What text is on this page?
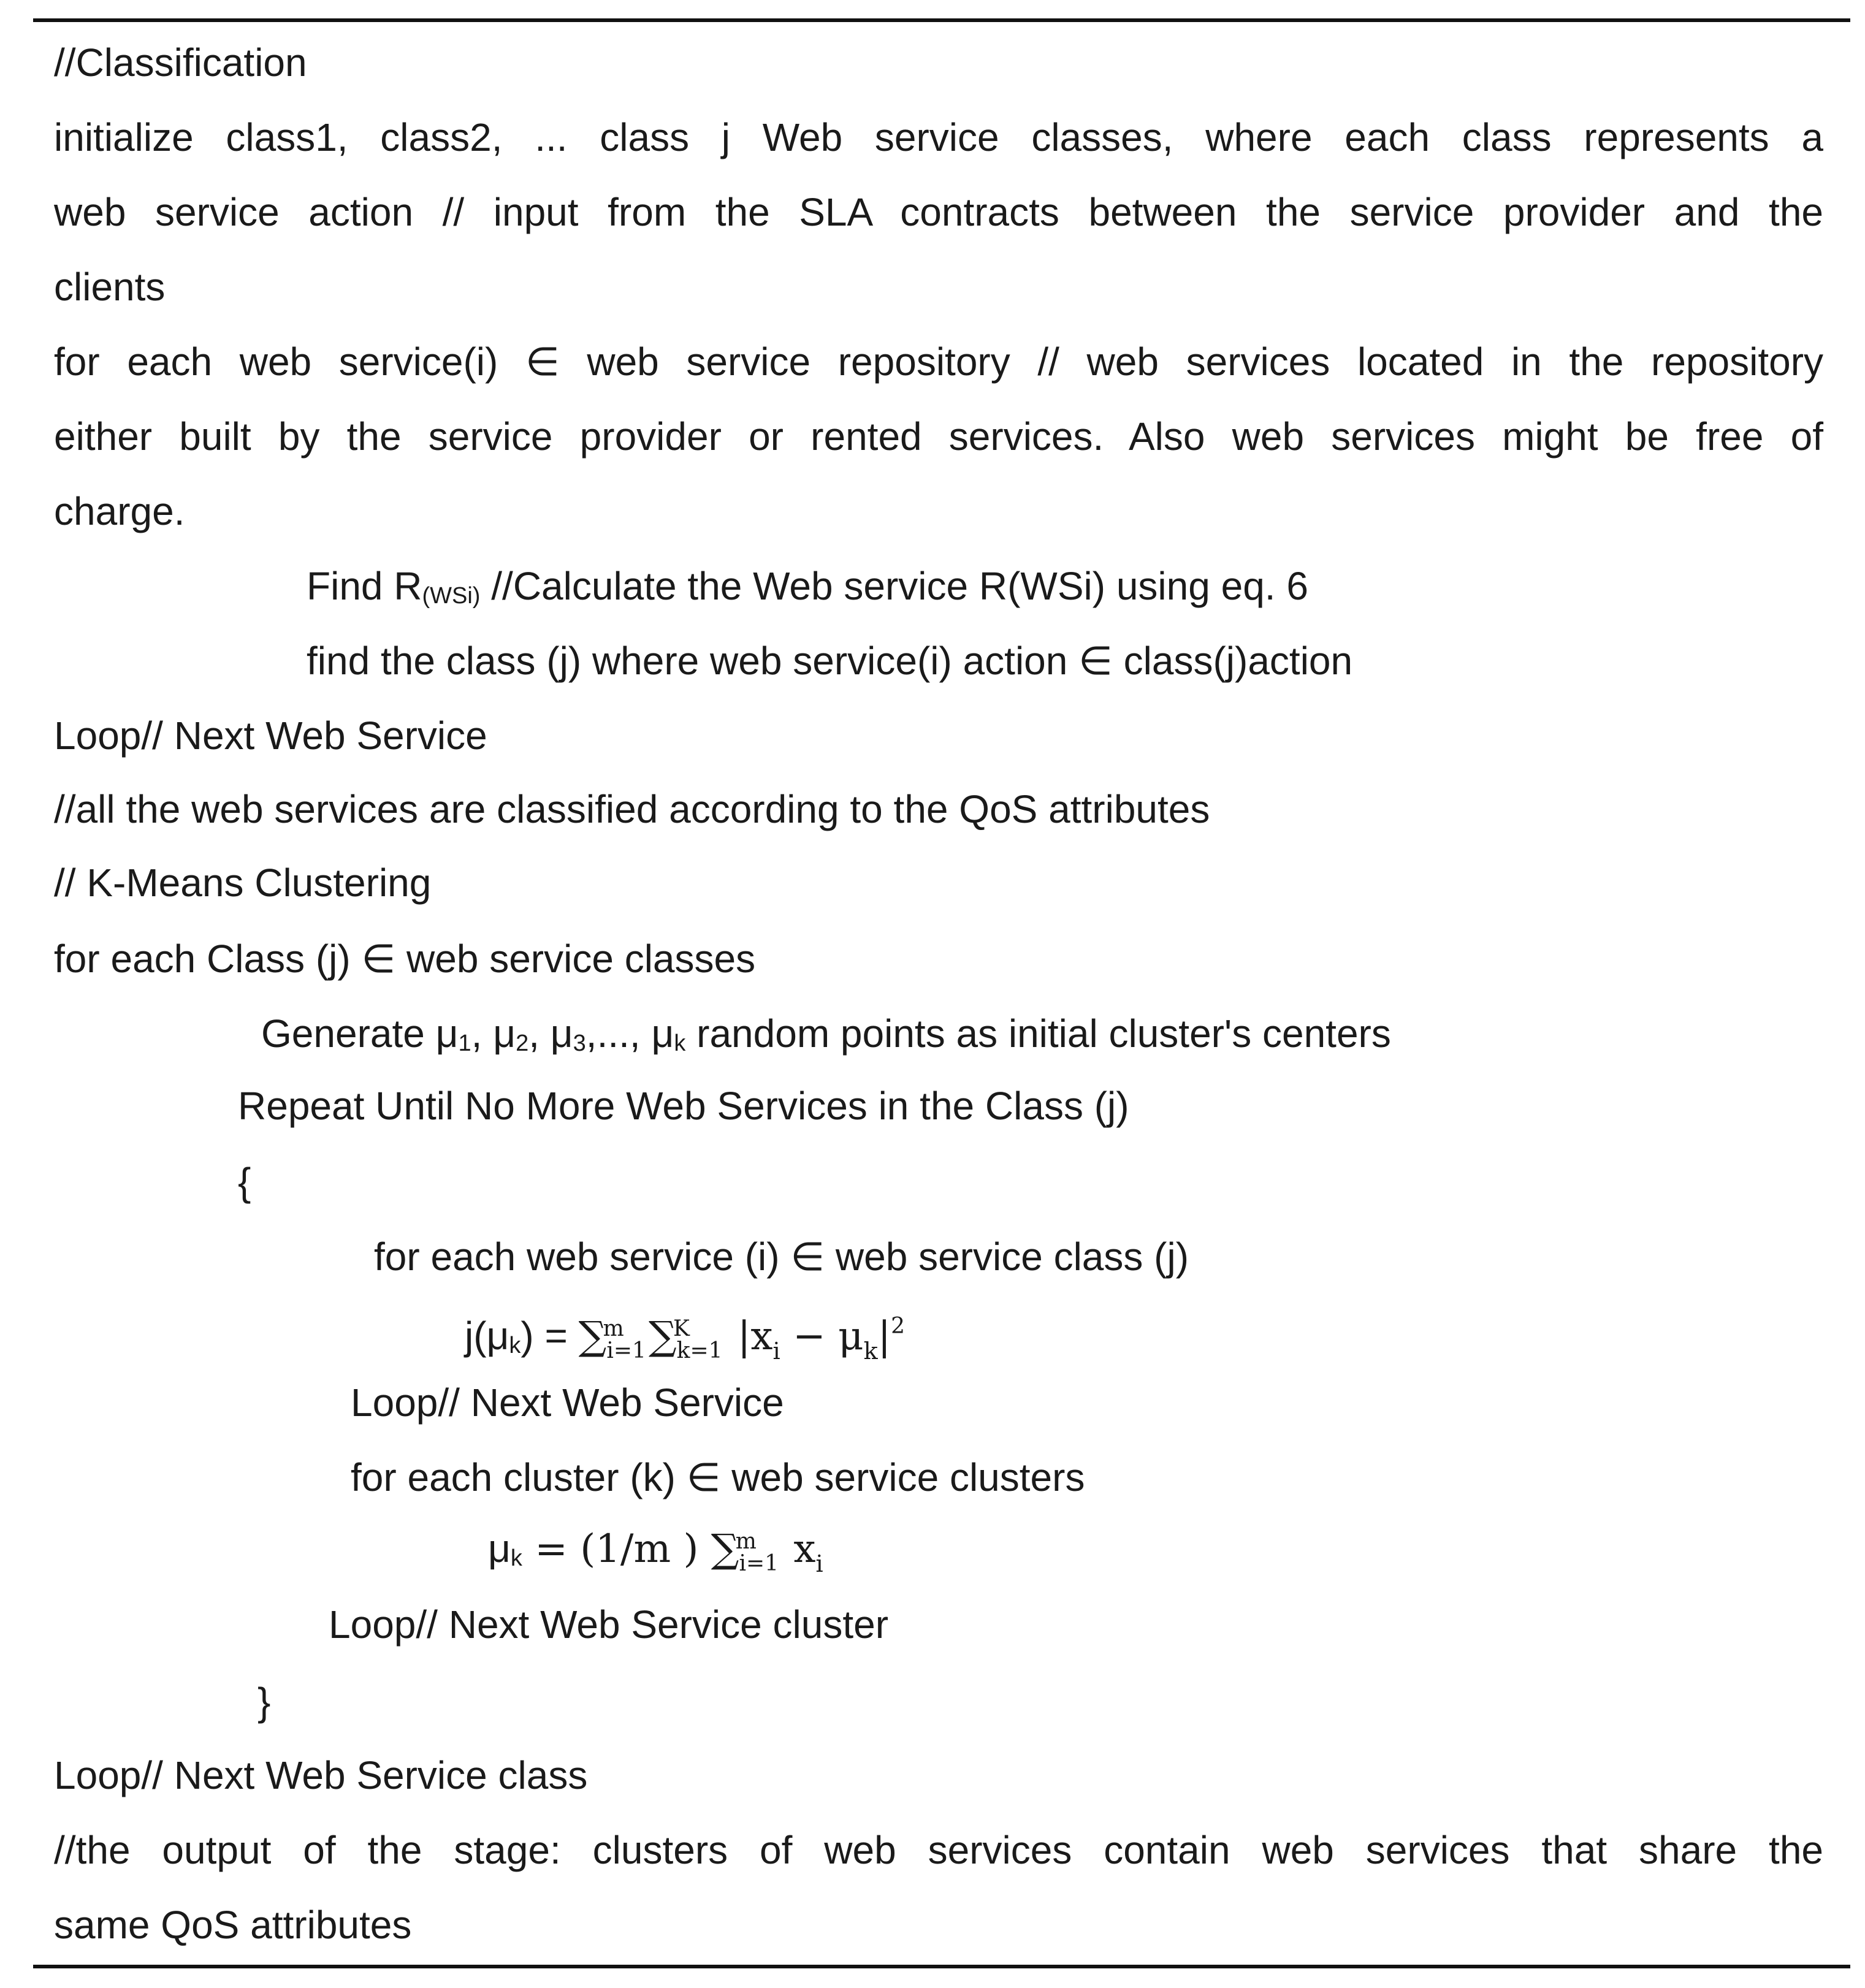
//Classification
initialize class1, class2, ... class j Web service classes, where each class represents a
web service action // input from the SLA contracts between the service provider and the
clients
for each web service(i) ∈ web service repository // web services located in the repository
either built by the service provider or rented services. Also web services might be free of
charge.
Find R(WSi) //Calculate the Web service R(WSi) using eq. 6
find the class (j) where web service(i) action ∈ class(j)action
Loop// Next Web Service
//all the web services are classified according to the QoS attributes
// K-Means Clustering
for each Class (j) ∈ web service classes
Generate μ1, μ2, μ3,..., μk random points as initial cluster's centers
Repeat Until No More Web Services in the Class (j)
{
for each web service (i) ∈ web service class (j)
j(μk) = ∑
m
$_{i=1}$∑
K
$_{k=1}$ $|x_i - \mu_k|^2$
Loop// Next Web Service
for each cluster (k) ∈ web service clusters
μk = (1/m ) ∑
m
$_{i=1}$ $x_i$
Loop// Next Web Service cluster
}
Loop// Next Web Service class
//the output of the stage: clusters of web services contain web services that share the
same QoS attributes
